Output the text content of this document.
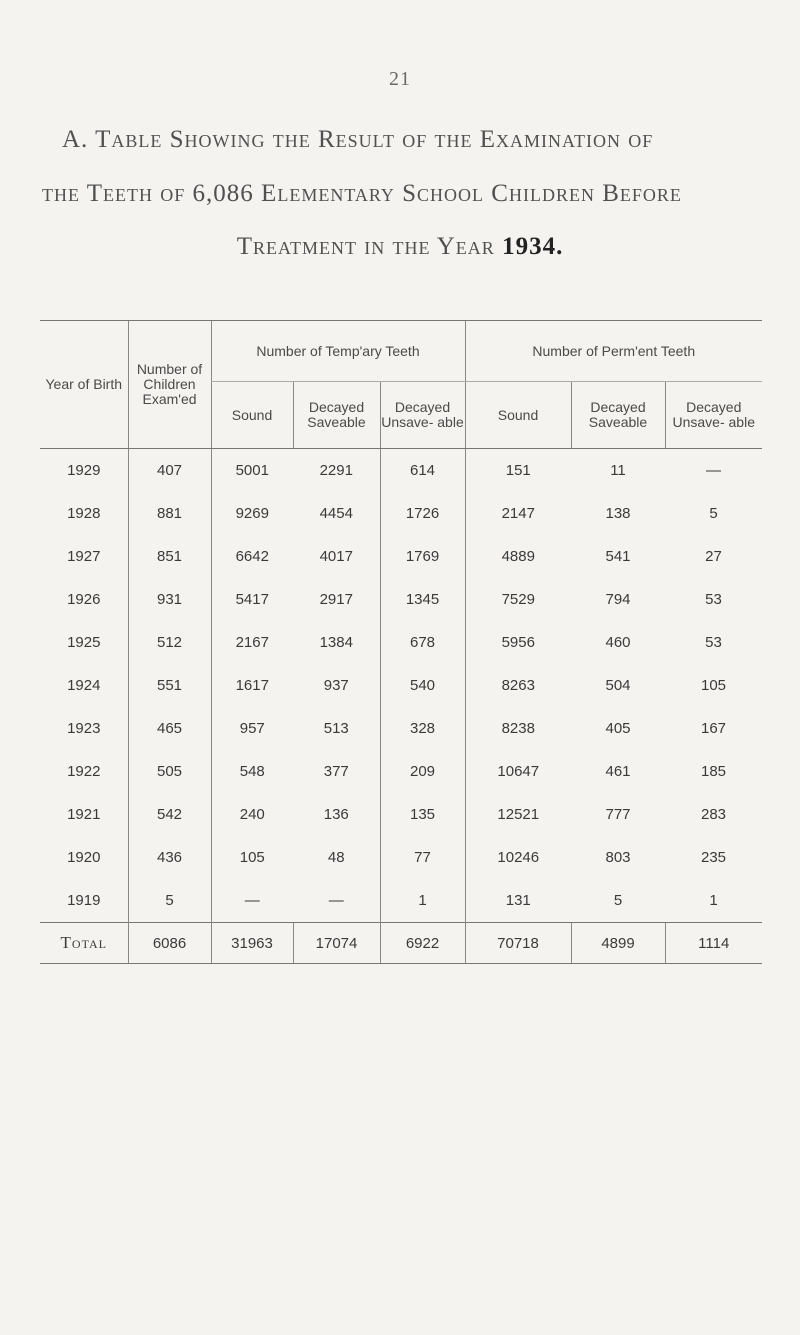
21
A. Table Showing the Result of the Examination of
the Teeth of 6,086 Elementary School Children Before
Treatment in the Year 1934.
Year of Birth	Number of Children Exam'ed	Number of Temp'ary Teeth			Number of Perm'ent Teeth		
		Sound	Decayed Saveable	Decayed Unsave- able	Sound	Decayed Saveable	Decayed Unsave- able
1929	407	5001	2291	614	151	11	—
1928	881	9269	4454	1726	2147	138	5
1927	851	6642	4017	1769	4889	541	27
1926	931	5417	2917	1345	7529	794	53
1925	512	2167	1384	678	5956	460	53
1924	551	1617	937	540	8263	504	105
1923	465	957	513	328	8238	405	167
1922	505	548	377	209	10647	461	185
1921	542	240	136	135	12521	777	283
1920	436	105	48	77	10246	803	235
1919	5	—	—	1	131	5	1
Total	6086	31963	17074	6922	70718	4899	1114
